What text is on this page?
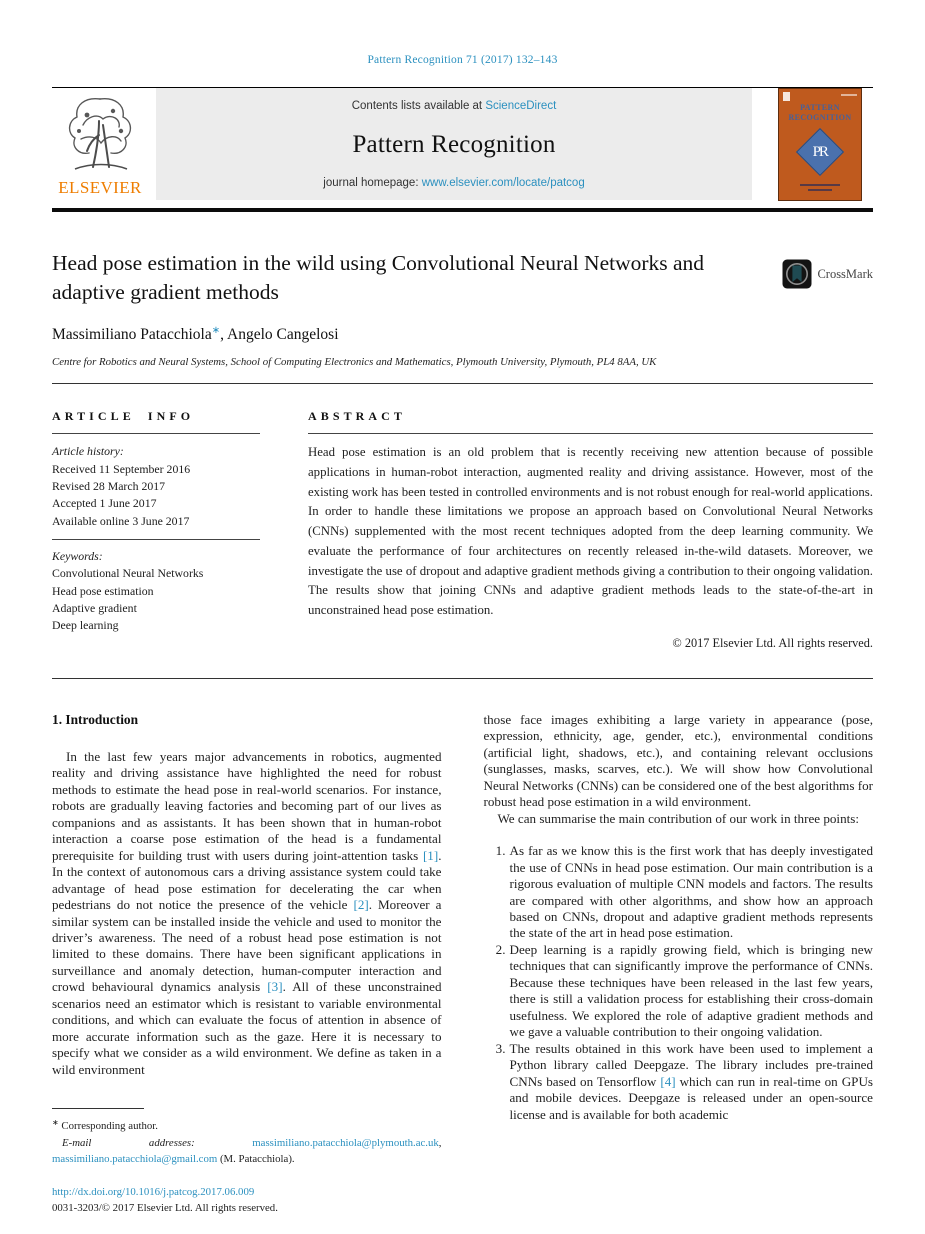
Pattern Recognition 71 (2017) 132–143
ELSEVIER
Contents lists available at ScienceDirect
Pattern Recognition
journal homepage: www.elsevier.com/locate/patcog
PATTERN
RECOGNITION
PR
Head pose estimation in the wild using Convolutional Neural Networks and adaptive gradient methods
CrossMark
Massimiliano Patacchiola∗, Angelo Cangelosi
Centre for Robotics and Neural Systems, School of Computing Electronics and Mathematics, Plymouth University, Plymouth, PL4 8AA, UK
ARTICLE INFO
Article history:
Received 11 September 2016
Revised 28 March 2017
Accepted 1 June 2017
Available online 3 June 2017
Keywords:
Convolutional Neural Networks
Head pose estimation
Adaptive gradient
Deep learning
ABSTRACT
Head pose estimation is an old problem that is recently receiving new attention because of possible applications in human-robot interaction, augmented reality and driving assistance. However, most of the existing work has been tested in controlled environments and is not robust enough for real-world applications. In order to handle these limitations we propose an approach based on Convolutional Neural Networks (CNNs) supplemented with the most recent techniques adopted from the deep learning community. We evaluate the performance of four architectures on recently released in-the-wild datasets. Moreover, we investigate the use of dropout and adaptive gradient methods giving a contribution to their ongoing validation. The results show that joining CNNs and adaptive gradient methods leads to the state-of-the-art in unconstrained head pose estimation.
© 2017 Elsevier Ltd. All rights reserved.
1. Introduction

In the last few years major advancements in robotics, augmented reality and driving assistance have highlighted the need for robust methods to estimate the head pose in real-world scenarios. For instance, robots are gradually leaving factories and becoming part of our lives as companions and as assistants. It has been shown that in human-robot interaction a coarse pose estimation of the head is a fundamental prerequisite for building trust with users during joint-attention tasks [1]. In the context of autonomous cars a driving assistance system could take advantage of head pose estimation for decelerating the car when pedestrians do not notice the presence of the vehicle [2]. Moreover a similar system can be installed inside the vehicle and used to monitor the driver’s awareness. The need of a robust head pose estimation is not limited to these domains. There have been significant applications in surveillance and anomaly detection, human-computer interaction and crowd behavioural dynamics analysis [3]. All of these unconstrained scenarios need an estimator which is resistant to variable environmental conditions, and which can evaluate the focus of attention in absence of more accurate information such as the gaze. Here it is necessary to specify what we consider as a wild environment. We define as taken in a wild environment

∗ Corresponding author.
E-mail addresses: massimiliano.patacchiola@plymouth.ac.uk, massimiliano.patacchiola@gmail.com (M. Patacchiola).
http://dx.doi.org/10.1016/j.patcog.2017.06.009
0031-3203/© 2017 Elsevier Ltd. All rights reserved.

those face images exhibiting a large variety in appearance (pose, expression, ethnicity, age, gender, etc.), environmental conditions (artificial light, shadows, etc.), and containing relevant occlusions (sunglasses, masks, scarves, etc.). We will show how Convolutional Neural Networks (CNNs) can be considered one of the best algorithms for robust head pose estimation in a wild environment.

We can summarise the main contribution of our work in three points:

1. As far as we know this is the first work that has deeply investigated the use of CNNs in head pose estimation. Our main contribution is a rigorous evaluation of multiple CNN models and factors. The results are compared with other algorithms, and show how an approach based on CNNs, dropout and adaptive gradient methods represents the state of the art in head pose estimation.
2. Deep learning is a rapidly growing field, which is bringing new techniques that can significantly improve the performance of CNNs. Because these techniques have been released in the last few years, there is still a validation process for establishing their cross-domain usefulness. We explored the role of adaptive gradient methods and we gave a valuable contribution to their ongoing validation.
3. The results obtained in this work have been used to implement a Python library called Deepgaze. The library includes pre-trained CNNs based on Tensorflow [4] which can run in real-time on GPUs and mobile devices. Deepgaze is released under an open-source license and is available for both academic
